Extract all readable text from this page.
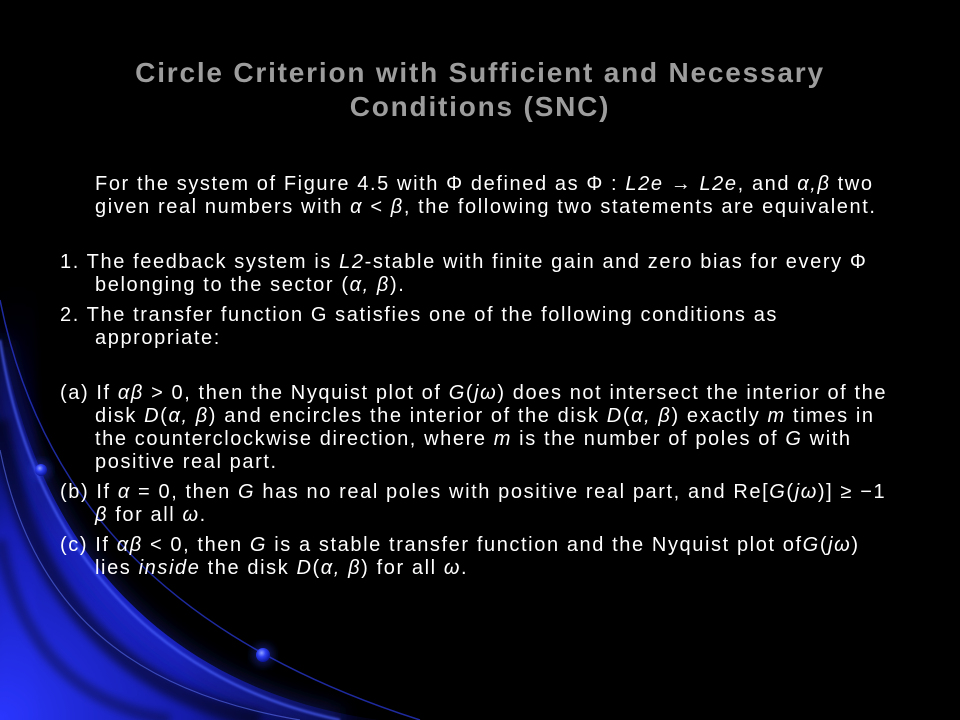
Circle Criterion with Sufficient and Necessary Conditions (SNC)
For the system of Figure 4.5 with Φ defined as Φ : L2e → L2e, and α,β two
given real numbers with α < β, the following two statements are equivalent.
1. The feedback system is L2-stable with finite gain and zero bias for every Φ
belonging to the sector (α, β).
2. The transfer function G satisfies one of the following conditions as
appropriate:
(a) If αβ > 0, then the Nyquist plot of G(jω) does not intersect the interior of the
disk D(α, β) and encircles the interior of the disk D(α, β) exactly m times in
the counterclockwise direction, where m is the number of poles of G with
positive real part.
(b) If α = 0, then G has no real poles with positive real part, and Re[G(jω)] ≥ −1
β for all ω.
(c) If αβ < 0, then G is a stable transfer function and the Nyquist plot ofG(jω)
lies inside the disk D(α, β) for all ω.
